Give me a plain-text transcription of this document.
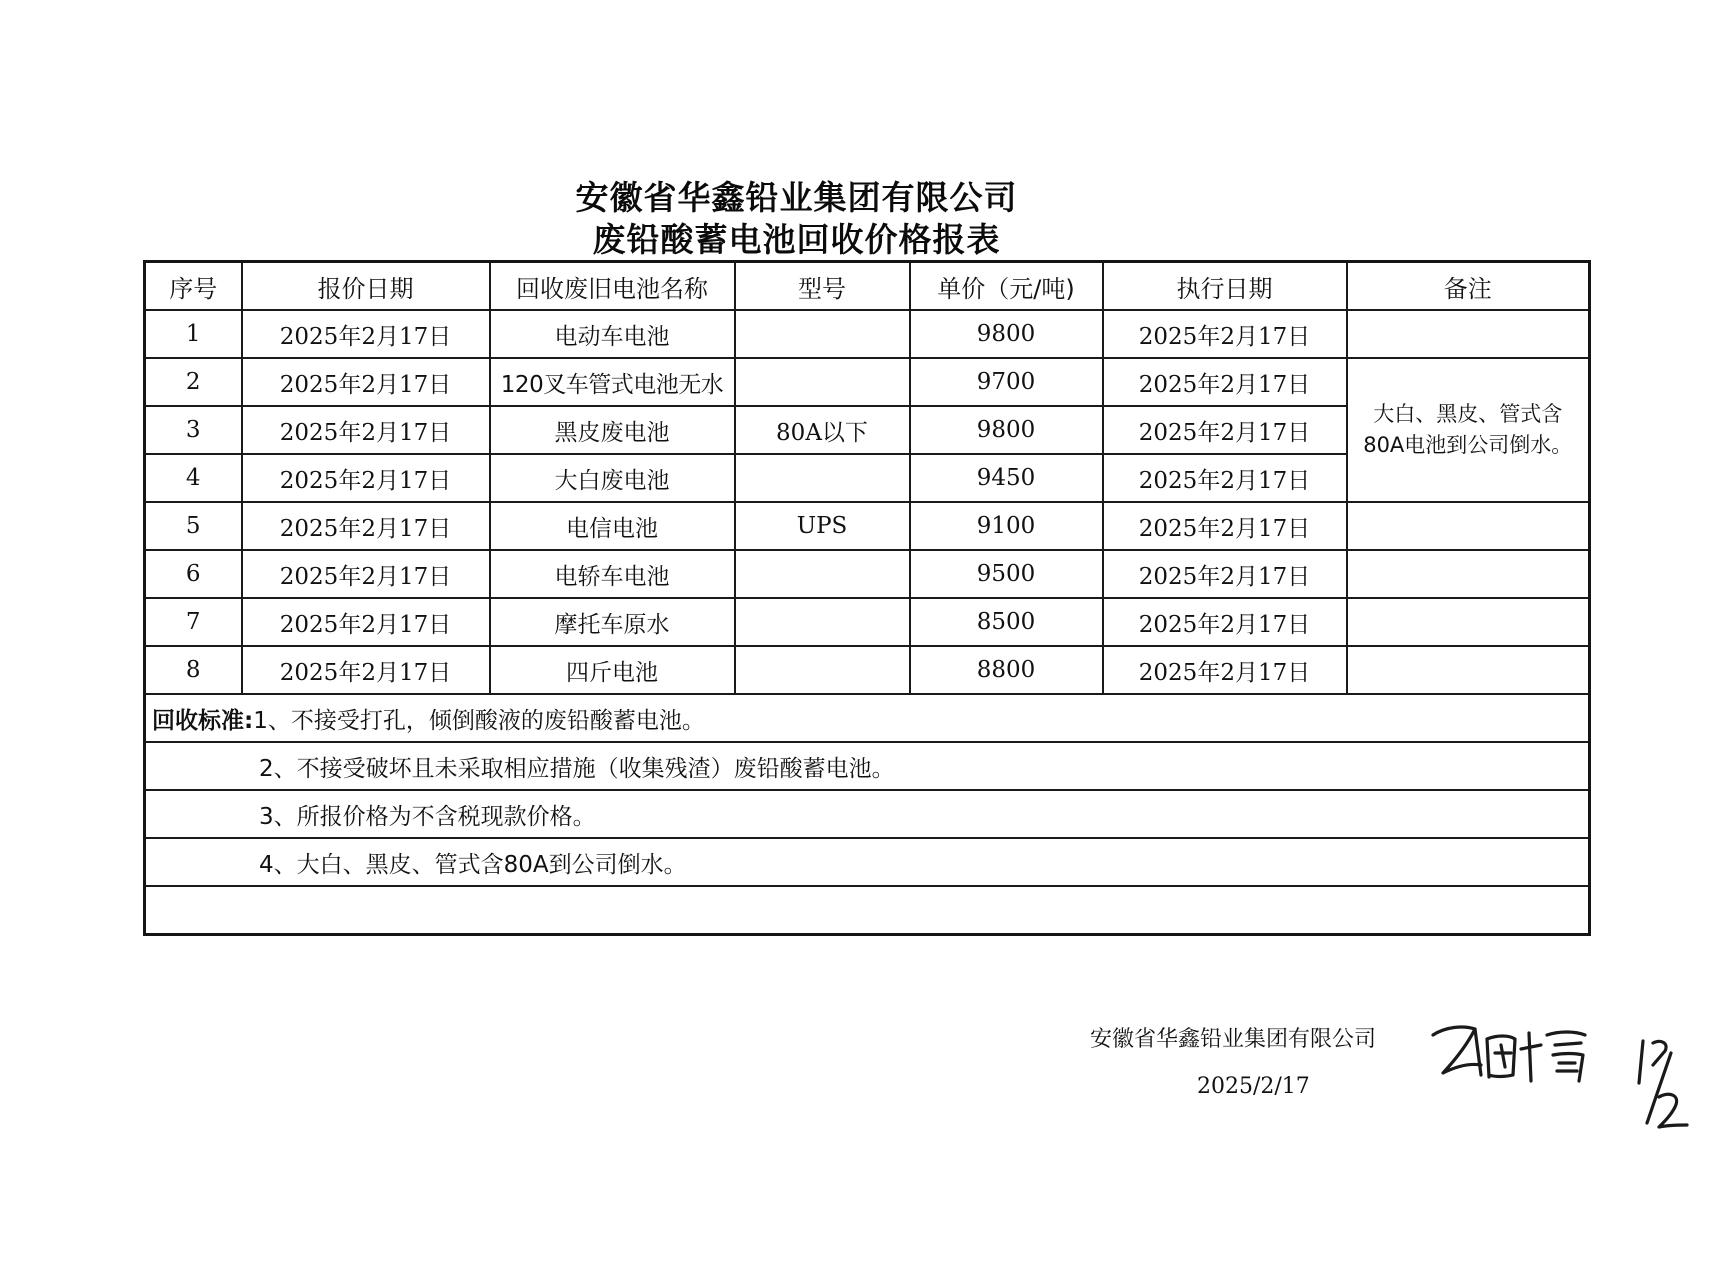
安徽省华鑫铅业集团有限公司
废铅酸蓄电池回收价格报表
序号	报价日期	回收废旧电池名称	型号	单价（元/吨)	执行日期	备注
1	2025年2月17日	电动车电池		9800	2025年2月17日	
2	2025年2月17日	120叉车管式电池无水		9700	2025年2月17日	大白、黑皮、管式含80A电池到公司倒水。
3	2025年2月17日	黑皮废电池	80A以下	9800	2025年2月17日	
4	2025年2月17日	大白废电池		9450	2025年2月17日	
5	2025年2月17日	电信电池	UPS	9100	2025年2月17日	
6	2025年2月17日	电轿车电池		9500	2025年2月17日	
7	2025年2月17日	摩托车原水		8500	2025年2月17日	
8	2025年2月17日	四斤电池		8800	2025年2月17日	
回收标准:1、不接受打孔，倾倒酸液的废铅酸蓄电池。						
2、不接受破坏且未采取相应措施（收集残渣）废铅酸蓄电池。						
3、所报价格为不含税现款价格。						
4、大白、黑皮、管式含80A到公司倒水。						

安徽省华鑫铅业集团有限公司
2025/2/17
